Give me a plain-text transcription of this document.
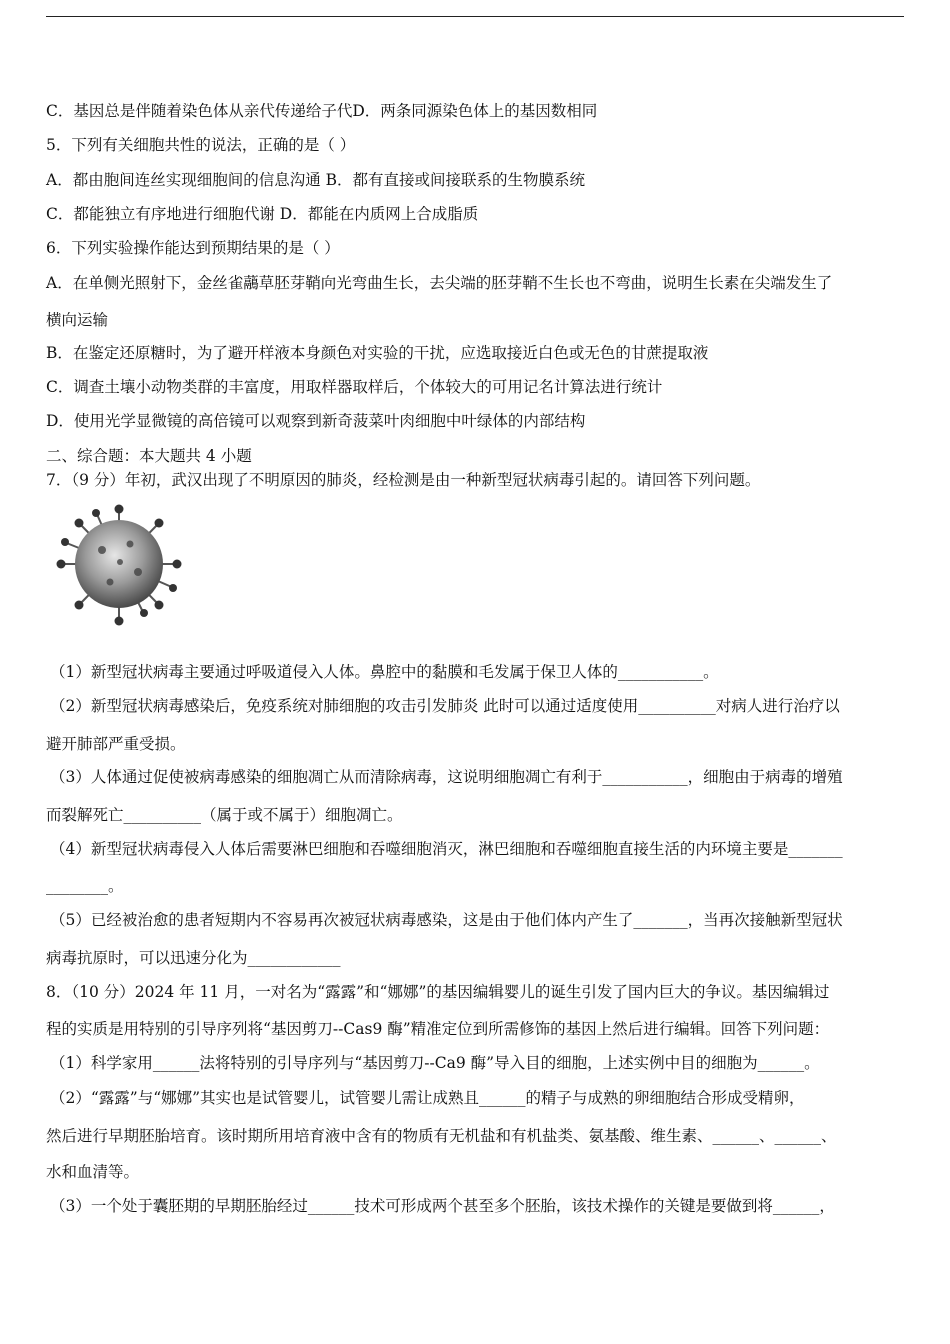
C．基因总是伴随着染色体从亲代传递给子代D．两条同源染色体上的基因数相同
5．下列有关细胞共性的说法，正确的是（ ）
A．都由胞间连丝实现细胞间的信息沟通 B．都有直接或间接联系的生物膜系统
C．都能独立有序地进行细胞代谢 D．都能在内质网上合成脂质
6．下列实验操作能达到预期结果的是（ ）
A．在单侧光照射下，金丝雀虉草胚芽鞘向光弯曲生长，去尖端的胚芽鞘不生长也不弯曲，说明生长素在尖端发生了
横向运输
B．在鉴定还原糖时，为了避开样液本身颜色对实验的干扰，应选取接近白色或无色的甘蔗提取液
C．调查土壤小动物类群的丰富度，用取样器取样后，个体较大的可用记名计算法进行统计
D．使用光学显微镜的高倍镜可以观察到新奇菠菜叶肉细胞中叶绿体的内部结构
二、综合题：本大题共 4 小题
7．（9 分）年初，武汉出现了不明原因的肺炎，经检测是由一种新型冠状病毒引起的。请回答下列问题。
（1）新型冠状病毒主要通过呼吸道侵入人体。鼻腔中的黏膜和毛发属于保卫人体的___________。
（2）新型冠状病毒感染后，免疫系统对肺细胞的攻击引发肺炎 此时可以通过适度使用__________对病人进行治疗以
避开肺部严重受损。
（3）人体通过促使被病毒感染的细胞凋亡从而清除病毒，这说明细胞凋亡有利于___________，细胞由于病毒的增殖
而裂解死亡__________（属于或不属于）细胞凋亡。
（4）新型冠状病毒侵入人体后需要淋巴细胞和吞噬细胞消灭，淋巴细胞和吞噬细胞直接生活的内环境主要是_______
________。
（5）已经被治愈的患者短期内不容易再次被冠状病毒感染，这是由于他们体内产生了_______，当再次接触新型冠状
病毒抗原时，可以迅速分化为____________
8．（10 分）2024 年 11 月，一对名为“露露”和“娜娜”的基因编辑婴儿的诞生引发了国内巨大的争议。基因编辑过
程的实质是用特别的引导序列将“基因剪刀--Cas9 酶”精准定位到所需修饰的基因上然后进行编辑。回答下列问题：
（1）科学家用______法将特别的引导序列与“基因剪刀--Ca9 酶”导入目的细胞，上述实例中目的细胞为______。
（2）“露露”与“娜娜”其实也是试管婴儿，试管婴儿需让成熟且______的精子与成熟的卵细胞结合形成受精卵，
然后进行早期胚胎培育。该时期所用培育液中含有的物质有无机盐和有机盐类、氨基酸、维生素、______、______、
水和血清等。
（3）一个处于囊胚期的早期胚胎经过______技术可形成两个甚至多个胚胎，该技术操作的关键是要做到将______，
